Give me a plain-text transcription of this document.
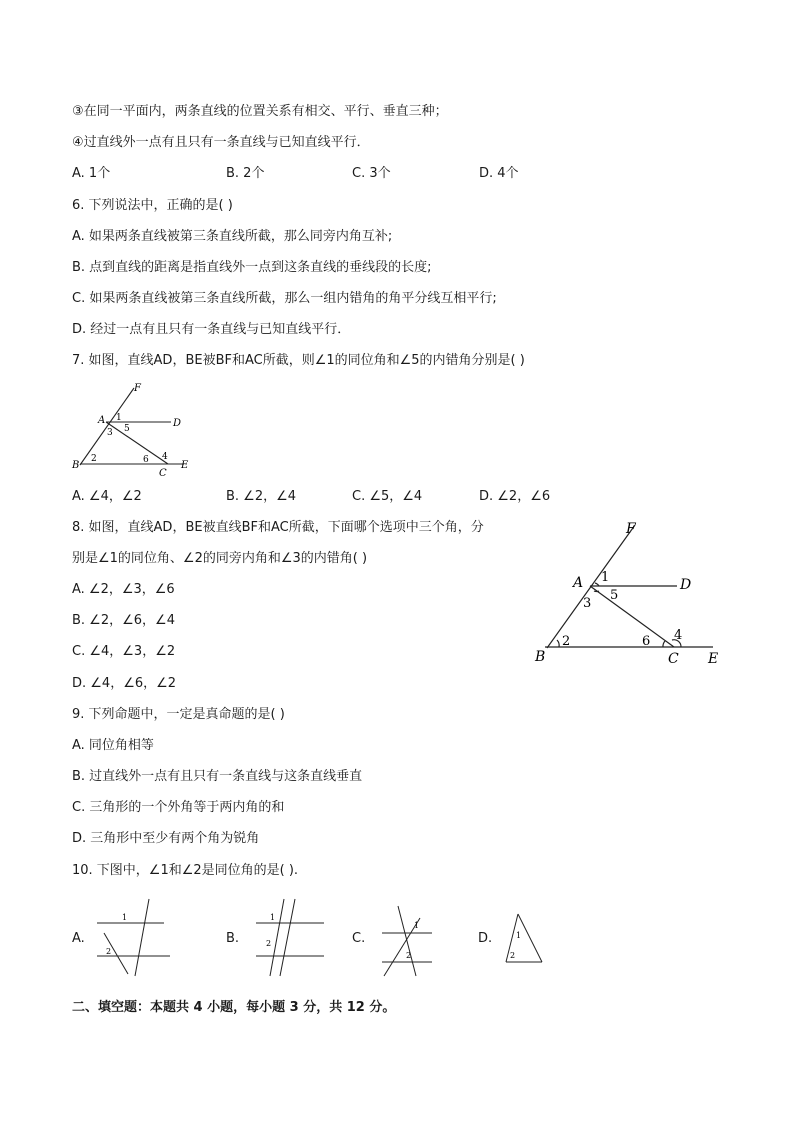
③在同一平面内，两条直线的位置关系有相交、平行、垂直三种；
④过直线外一点有且只有一条直线与已知直线平行．
A. 1个	B. 2个	C. 3个	D. 4个
6. 下列说法中，正确的是( )
A. 如果两条直线被第三条直线所截，那么同旁内角互补;
B. 点到直线的距离是指直线外一点到这条直线的垂线段的长度;
C. 如果两条直线被第三条直线所截，那么一组内错角的角平分线互相平行;
D. 经过一点有且只有一条直线与已知直线平行．
7. 如图，直线AD，BE被BF和AC所截，则∠1的同位角和∠5的内错角分别是( )
F
A	D
B
C
E
1
5
3
2	6 4
A. ∠4，∠2	B. ∠2，∠4	C. ∠5，∠4	D. ∠2，∠6
8. 如图，直线AD，BE被直线BF和AC所截，下面哪个选项中三个角，分
别是∠1的同位角、∠2的同旁内角和∠3的内错角( )
A. ∠2，∠3，∠6
B. ∠2，∠6，∠4
C. ∠4，∠3，∠2
D. ∠4，∠6，∠2
F
A	D
B	C E
1
5
3
2	6 4
9. 下列命题中，一定是真命题的是( )
A. 同位角相等
B. 过直线外一点有且只有一条直线与这条直线垂直
C. 三角形的一个外角等于两内角的和
D. 三角形中至少有两个角为锐角
10. 下图中，∠1和∠2是同位角的是( ).
A.	B.	C.	D.
1
2
1
2
1
2
1
2
二、填空题：本题共 4 小题，每小题 3 分，共 12 分。
